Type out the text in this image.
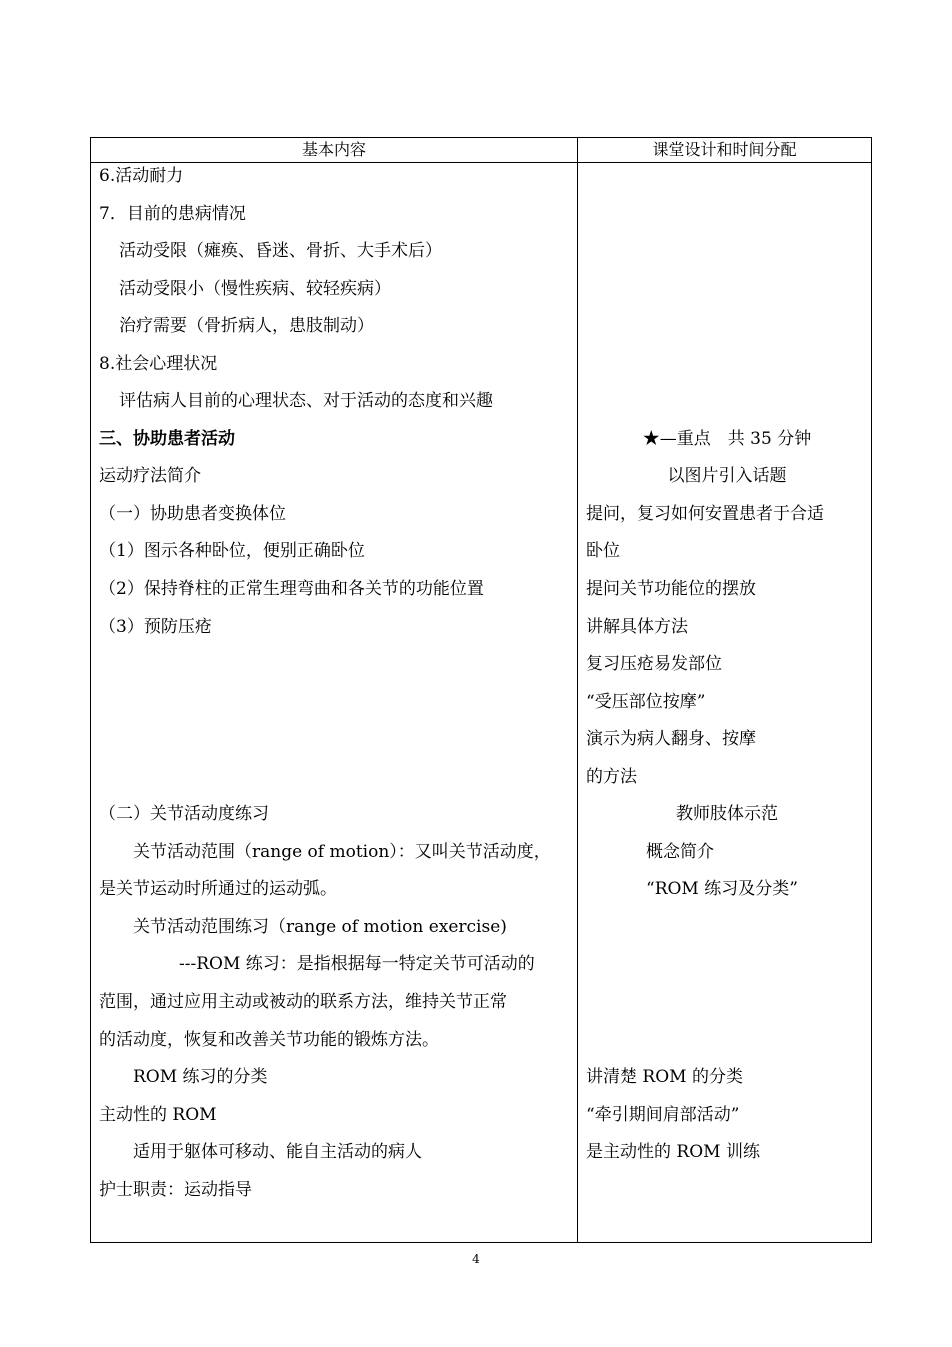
基本内容	课堂设计和时间分配
6.活动耐力
7．目前的患病情况
活动受限（瘫痪、昏迷、骨折、大手术后）
活动受限小（慢性疾病、较轻疾病）
治疗需要（骨折病人，患肢制动）
8.社会心理状况
评估病人目前的心理状态、对于活动的态度和兴趣
三、协助患者活动
运动疗法简介
（一）协助患者变换体位
（1）图示各种卧位，便别正确卧位
（2）保持脊柱的正常生理弯曲和各关节的功能位置
（3）预防压疮
（二）关节活动度练习
关节活动范围（range of motion）：又叫关节活动度，
是关节运动时所通过的运动弧。
关节活动范围练习（range of motion exercise)
---ROM 练习：是指根据每一特定关节可活动的
范围，通过应用主动或被动的联系方法，维持关节正常
的活动度，恢复和改善关节功能的锻炼方法。
ROM 练习的分类
主动性的 ROM
适用于躯体可移动、能自主活动的病人
护士职责：运动指导
★—重点　共 35 分钟
以图片引入话题
提问，复习如何安置患者于合适
卧位
提问关节功能位的摆放
讲解具体方法
复习压疮易发部位
“受压部位按摩”
演示为病人翻身、按摩
的方法
教师肢体示范
概念简介
“ROM 练习及分类”
讲清楚 ROM 的分类
“牵引期间肩部活动”
是主动性的 ROM 训练
4
